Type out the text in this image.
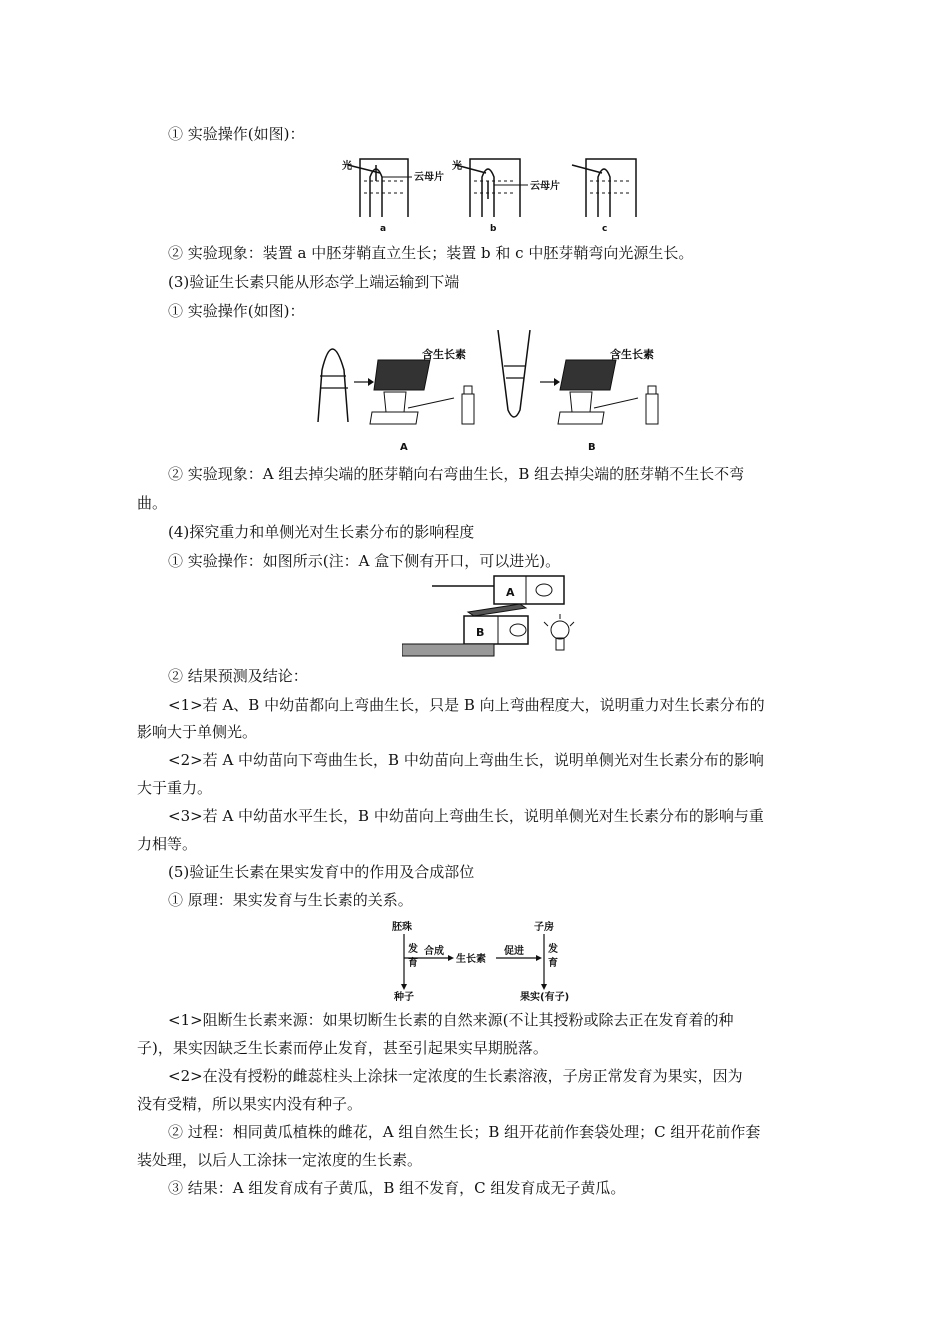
① 实验操作(如图)：
光
云母片
a
光
云母片
b	c
② 实验现象：装置 a 中胚芽鞘直立生长；装置 b 和 c 中胚芽鞘弯向光源生长。
(3)验证生长素只能从形态学上端运输到下端
① 实验操作(如图)：
含生长素
A
含生长素
B
② 实验现象：A 组去掉尖端的胚芽鞘向右弯曲生长，B 组去掉尖端的胚芽鞘不生长不弯
曲。
(4)探究重力和单侧光对生长素分布的影响程度
① 实验操作：如图所示(注：A 盒下侧有开口，可以进光)。
A
B
② 结果预测及结论：
<1>若 A、B 中幼苗都向上弯曲生长，只是 B 向上弯曲程度大，说明重力对生长素分布的
影响大于单侧光。
<2>若 A 中幼苗向下弯曲生长，B 中幼苗向上弯曲生长，说明单侧光对生长素分布的影响
大于重力。
<3>若 A 中幼苗水平生长，B 中幼苗向上弯曲生长，说明单侧光对生长素分布的影响与重
力相等。
(5)验证生长素在果实发育中的作用及合成部位
① 原理：果实发育与生长素的关系。
胚珠	子房
发
育
合成
生长素
促进 发
育
种子	果实(有子)
<1>阻断生长素来源：如果切断生长素的自然来源(不让其授粉或除去正在发育着的种
子)，果实因缺乏生长素而停止发育，甚至引起果实早期脱落。
<2>在没有授粉的雌蕊柱头上涂抹一定浓度的生长素溶液，子房正常发育为果实，因为
没有受精，所以果实内没有种子。
② 过程：相同黄瓜植株的雌花，A 组自然生长；B 组开花前作套袋处理；C 组开花前作套
装处理，以后人工涂抹一定浓度的生长素。
③ 结果：A 组发育成有子黄瓜，B 组不发育，C 组发育成无子黄瓜。
